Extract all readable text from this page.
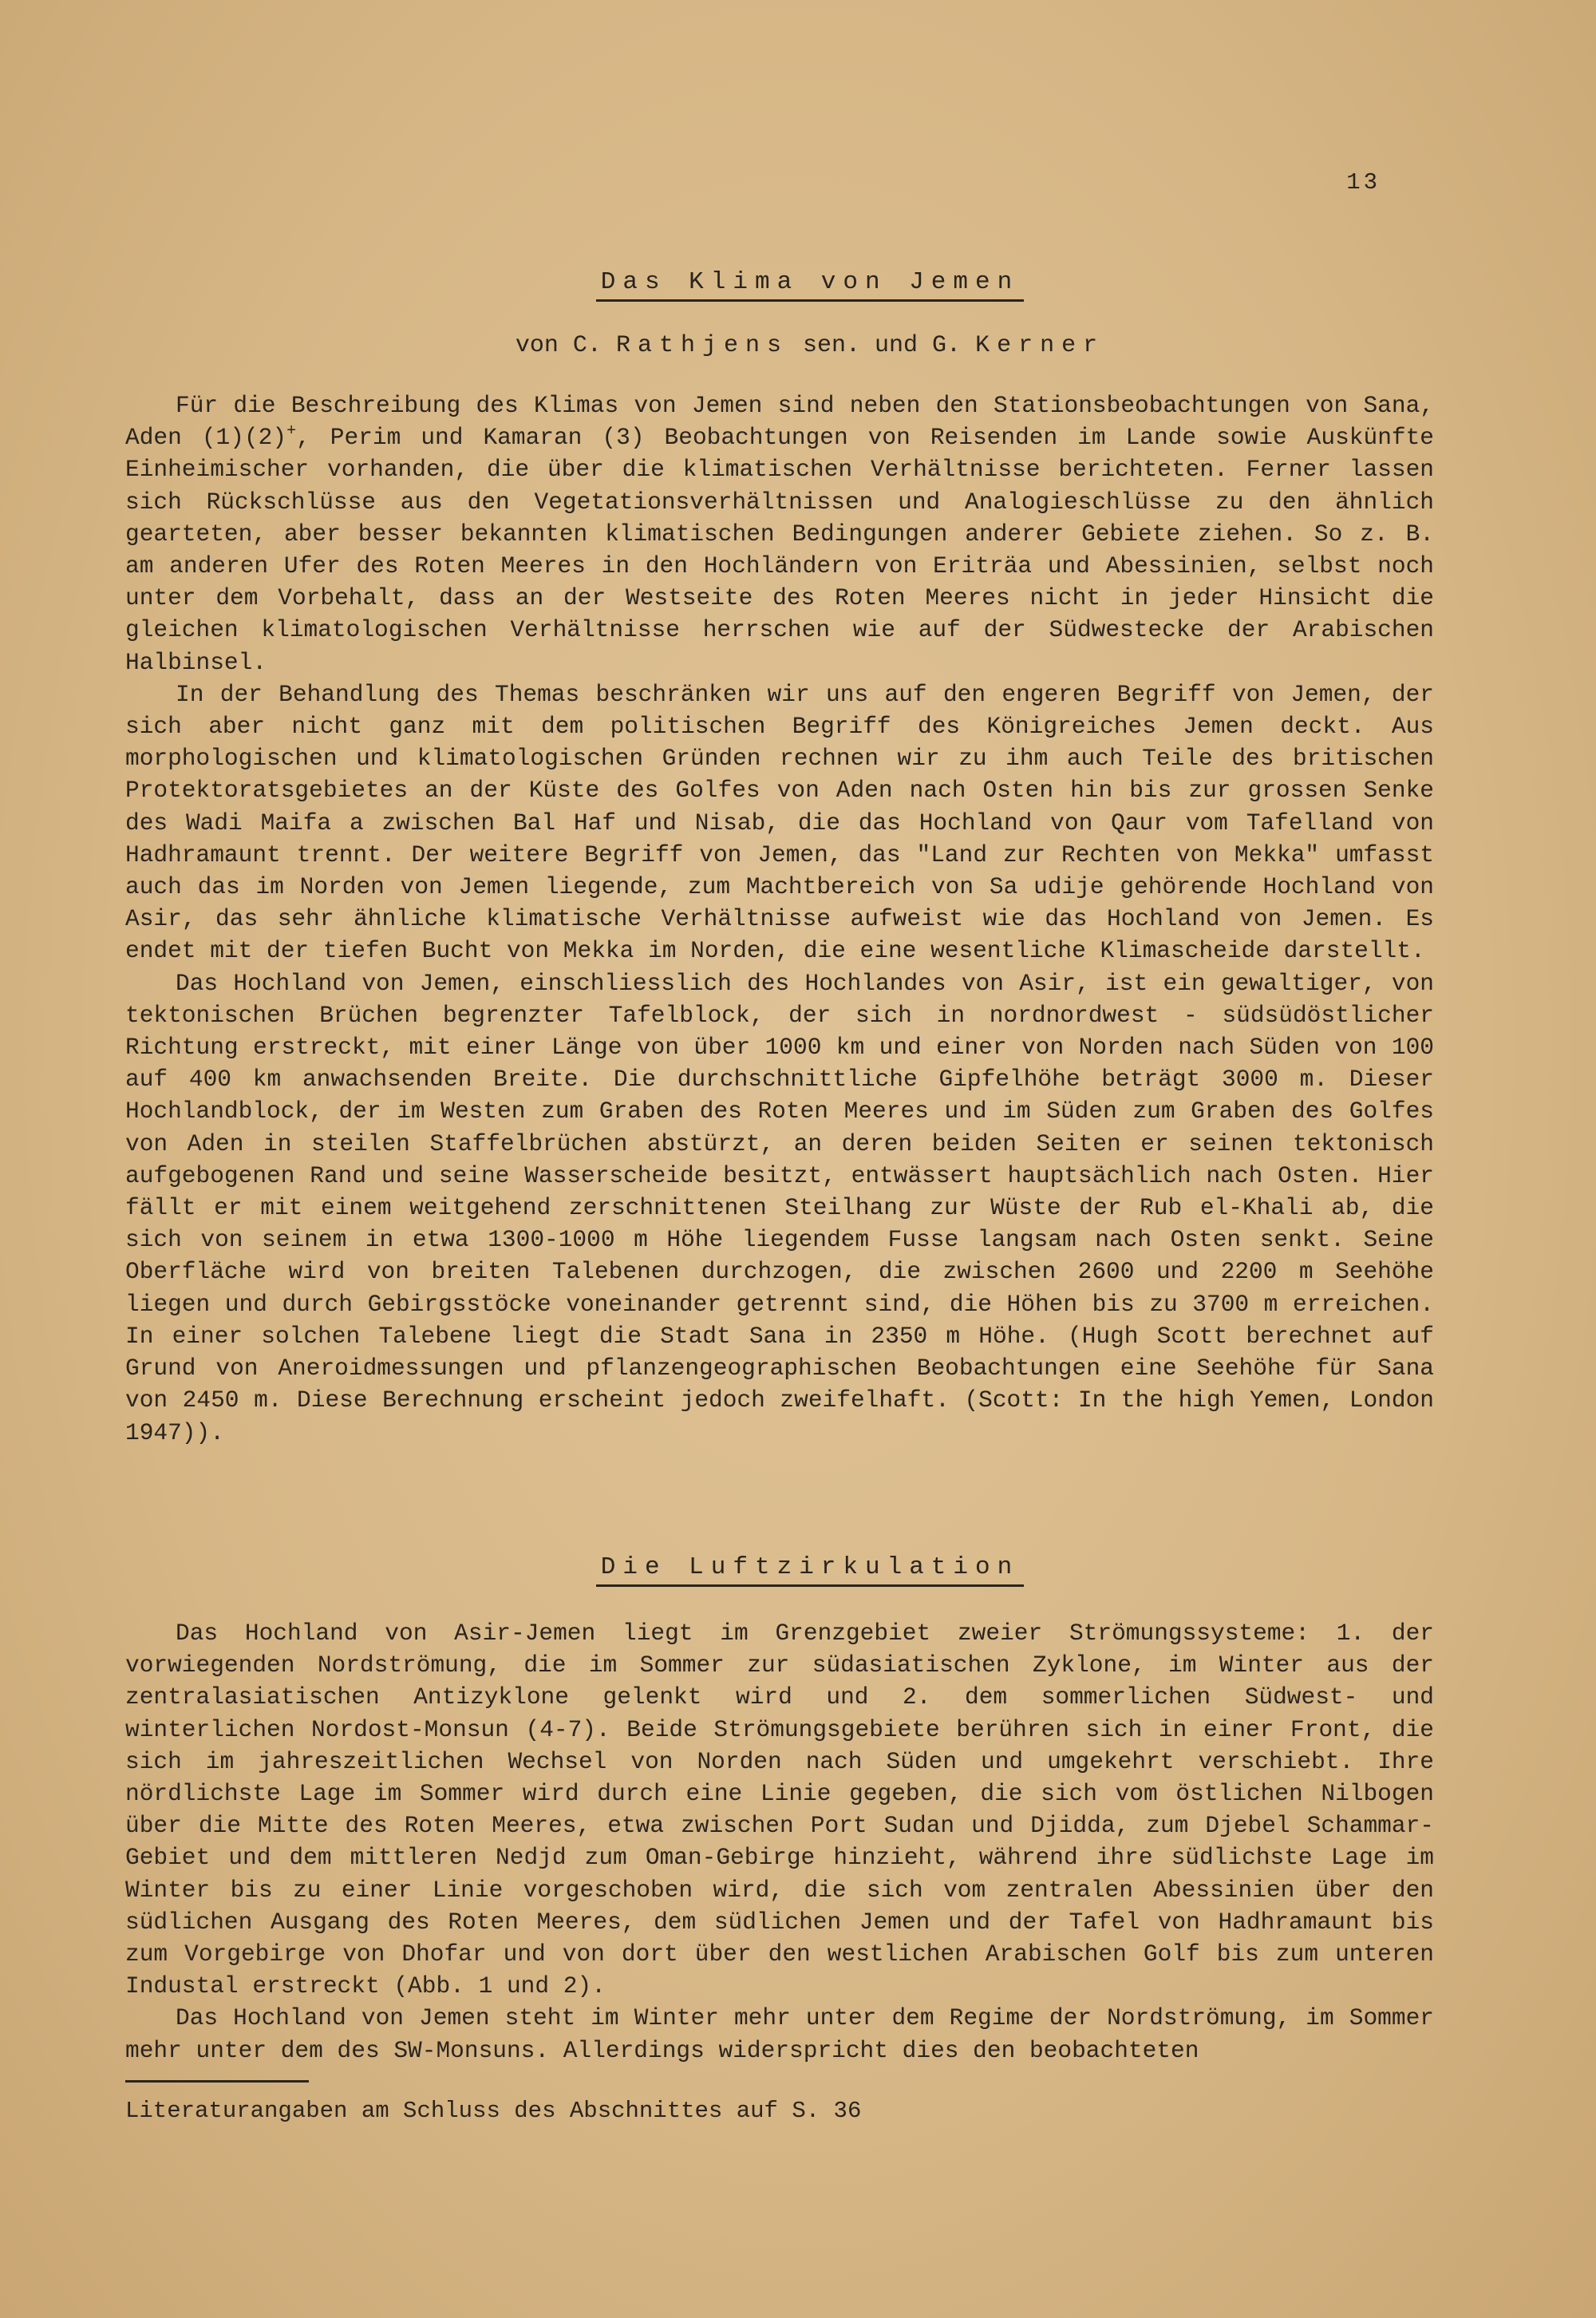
13
Das Klima von Jemen
von C. Rathjens sen. und G. Kerner

Für die Beschreibung des Klimas von Jemen sind neben den Stationsbeobachtungen von Sana, Aden (1)(2)+, Perim und Kamaran (3) Beobachtungen von Reisenden im Lande sowie Auskünfte Einheimischer vorhanden, die über die klimatischen Verhältnisse berichteten. Ferner lassen sich Rückschlüsse aus den Vegetationsverhältnissen und Analogieschlüsse zu den ähnlich gearteten, aber besser bekannten klimatischen Bedingungen anderer Gebiete ziehen. So z. B. am anderen Ufer des Roten Meeres in den Hochländern von Eriträa und Abessinien, selbst noch unter dem Vorbehalt, dass an der Westseite des Roten Meeres nicht in jeder Hinsicht die gleichen klimatologischen Verhältnisse herrschen wie auf der Südwestecke der Arabischen Halbinsel.

In der Behandlung des Themas beschränken wir uns auf den engeren Begriff von Jemen, der sich aber nicht ganz mit dem politischen Begriff des Königreiches Jemen deckt. Aus morphologischen und klimatologischen Gründen rechnen wir zu ihm auch Teile des britischen Protektoratsgebietes an der Küste des Golfes von Aden nach Osten hin bis zur grossen Senke des Wadi Maifa a zwischen Bal Haf und Nisab, die das Hochland von Qaur vom Tafelland von Hadhramaunt trennt. Der weitere Begriff von Jemen, das "Land zur Rechten von Mekka" umfasst auch das im Norden von Jemen liegende, zum Machtbereich von Sa udije gehörende Hochland von Asir, das sehr ähnliche klimatische Verhältnisse aufweist wie das Hochland von Jemen. Es endet mit der tiefen Bucht von Mekka im Norden, die eine wesentliche Klimascheide darstellt.

Das Hochland von Jemen, einschliesslich des Hochlandes von Asir, ist ein gewaltiger, von tektonischen Brüchen begrenzter Tafelblock, der sich in nordnordwest - südsüdöstlicher Richtung erstreckt, mit einer Länge von über 1000 km und einer von Norden nach Süden von 100 auf 400 km anwachsenden Breite. Die durchschnittliche Gipfelhöhe beträgt 3000 m. Dieser Hochlandblock, der im Westen zum Graben des Roten Meeres und im Süden zum Graben des Golfes von Aden in steilen Staffelbrüchen abstürzt, an deren beiden Seiten er seinen tektonisch aufgebogenen Rand und seine Wasserscheide besitzt, entwässert hauptsächlich nach Osten. Hier fällt er mit einem weitgehend zerschnittenen Steilhang zur Wüste der Rub el-Khali ab, die sich von seinem in etwa 1300-1000 m Höhe liegendem Fusse langsam nach Osten senkt. Seine Oberfläche wird von breiten Talebenen durchzogen, die zwischen 2600 und 2200 m Seehöhe liegen und durch Gebirgsstöcke voneinander getrennt sind, die Höhen bis zu 3700 m erreichen. In einer solchen Talebene liegt die Stadt Sana in 2350 m Höhe. (Hugh Scott berechnet auf Grund von Aneroidmessungen und pflanzengeographischen Beobachtungen eine Seehöhe für Sana von 2450 m. Diese Berechnung erscheint jedoch zweifelhaft. (Scott: In the high Yemen, London 1947)).

Die Luftzirkulation

Das Hochland von Asir-Jemen liegt im Grenzgebiet zweier Strömungssysteme: 1. der vorwiegenden Nordströmung, die im Sommer zur südasiatischen Zyklone, im Winter aus der zentralasiatischen Antizyklone gelenkt wird und 2. dem sommerlichen Südwest- und winterlichen Nordost-Monsun (4-7). Beide Strömungsgebiete berühren sich in einer Front, die sich im jahreszeitlichen Wechsel von Norden nach Süden und umgekehrt verschiebt. Ihre nördlichste Lage im Sommer wird durch eine Linie gegeben, die sich vom östlichen Nilbogen über die Mitte des Roten Meeres, etwa zwischen Port Sudan und Djidda, zum Djebel Schammar-Gebiet und dem mittleren Nedjd zum Oman-Gebirge hinzieht, während ihre südlichste Lage im Winter bis zu einer Linie vorgeschoben wird, die sich vom zentralen Abessinien über den südlichen Ausgang des Roten Meeres, dem südlichen Jemen und der Tafel von Hadhramaunt bis zum Vorgebirge von Dhofar und von dort über den westlichen Arabischen Golf bis zum unteren Industal erstreckt (Abb. 1 und 2).

Das Hochland von Jemen steht im Winter mehr unter dem Regime der Nordströmung, im Sommer mehr unter dem des SW-Monsuns. Allerdings widerspricht dies den beobachteten

Literaturangaben am Schluss des Abschnittes auf S. 36
